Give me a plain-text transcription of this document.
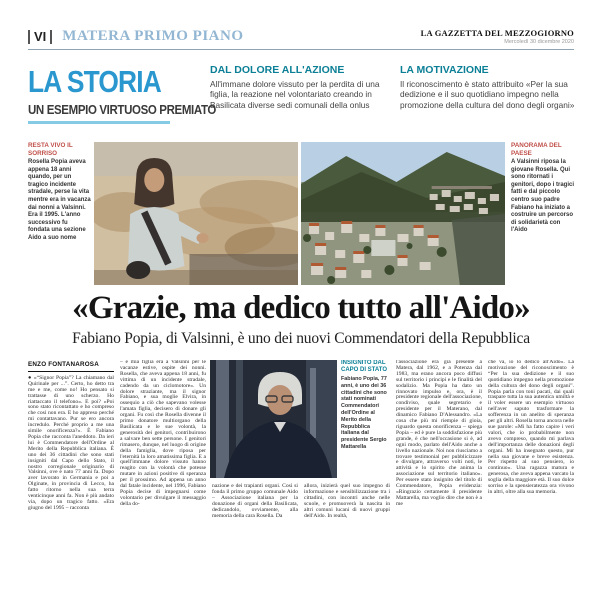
VI MATERA PRIMO PIANO	LA GAZZETTA DEL MEZZOGIORNO
Mercoledì 30 dicembre 2020
LA STORIA
UN ESEMPIO VIRTUOSO PREMIATO
DAL DOLORE ALL'AZIONE
All'immane dolore vissuto per la perdita di una figlia, la reazione nel volontariato creando in Basilicata diverse sedi comunali della onlus
LA MOTIVAZIONE
Il riconoscimento è stato attribuito «Per la sua dedizione e il suo quotidiano impegno nella promozione della cultura del dono degli organi»
RESTA VIVO IL SORRISO
Rosella Popia aveva appena 18 anni quando, per un tragico incidente stradale, perse la vita mentre era in vacanza dai nonni a Valsinni. Era il 1995. L'anno successivo fu fondata una sezione Aido a suo nome
PANORAMA DEL PAESE
A Valsinni riposa la giovane Rosella. Qui sono ritornati i genitori, dopo i tragici fatti e dal piccolo centro suo padre Fabiano ha iniziato a costruire un percorso di solidarietà con l'Aido
«Grazie, ma dedico tutto all'Aido»
Fabiano Popia, di Valsinni, è uno dei nuovi Commendatori della Repubblica
ENZO FONTANAROSA

● «“Signor Popia”? La chiamano dal Quirinale per ...”. Certo, ho detto tra me e me, come no! Ho pensato si trattasse di uno scherzo. Ho riattaccato il telefono». E poi? «Poi sono stato ricontattato e ho compreso che così non era. E ho appreso perché mi contattavano. Pur se ero ancora incredulo. Perché proprio a me una simile onorificenza?». È Fabiano Popia che racconta l'aneddoto. Da ieri lui è Commendatore dell'Ordine al Merito della Repubblica italiana. È uno dei 36 cittadini che sono stati insigniti dal Capo dello Stato, il nostro corregionale originario di Valsinni, ove è nato 77 anni fa. Dopo aver lavorato in Germania e poi a Olginate, in provincia di Lecco, ha fatto ritorno nella sua terra venticinque anni fa. Non è più andato via, dopo un tragico fatto. «Era giugno del 1995 – racconta

– e mia figlia era a Valsinni per le vacanze estive, ospite dei nonni. Rosella, che aveva appena 18 anni, fu vittima di un incidente stradale, cadendo da un ciclomotore». Un dolore straziante, ma il signor Fabiano, e sua moglie Elvira, in ossequio a ciò che sapevano volesse l'amata figlia, decisero di donare gli organi. Fu così che Rosella divenne il primo donatore multiorgano della Basilicata e le sue volontà, la generosità dei genitori, contribuirono a salvare ben sette persone. I genitori rimasero, dunque, nel luogo di origine della famiglia, dove riposa per l'eternità la loro amatissima figlia. E a quell'immane dolore vissuto hanno reagito con la volontà che potesse mutare in azioni positive di speranza per il prossimo. Ad appena un anno dal fatale incidente, nel 1996, Fabiano Popia decise di impegnarsi come volontario per divulgare il messaggio della do-

nazione e dei trapianti organi. Così si fonda il primo gruppo comunale Aido – Associazione italiana per la donazione di organi della Basilicata, dedicandolo, ovviamente, alla memoria della cara Rosella. Da

allora, inizierà quel suo impegno di informazione e sensibilizzazione tra i cittadini, con incontri anche nelle scuole, e promuoverà la nascita in altri comuni lucani di nuovi gruppi dell'Aido. In realtà,

l'associazione era già presente a Matera, dal 1962, e a Potenza dal 1983, ma erano ancora poco diffusi sul territorio i principi e le finalità del sodalizio. Ma Popia ha dato un rinnovato impulso e, ora, è il presidente regionale dell'associazione, condiviso, quale segretario e presidente per il Materano, dal dinamico Fabiano D'Alessandro. «La cosa che più mi riempie di gioia, riguardo questa onorificenza – spiega Popia – ed è pure la soddisfazione più grande, è che nell'occasione si è, ad ogni modo, parlato dell'Aido anche a livello nazionale. Noi non riusciamo a trovare testimonial per pubblicizzare e divulgare, attraverso volti noti, le attività e lo spirito che anima la associazione sul territorio italiano». Per essere stato insignito del titolo di Commendatore, Popia evidenzia: «Ringrazio certamente il presidente Mattarella, ma voglio dire che non è a me

che va, io lo dedico all'Aido». La motivazione del riconoscimento è “Per la sua dedizione e il suo quotidiano impegno nella promozione della cultura del dono degli organi”. Popia parla con toni pacati, dai quali traspare tutta la sua autentica umiltà e il voler essere un esempio virtuoso nell'aver saputo trasformare la sofferenza in un anelito di speranza per gli altri. Rosella torna ancora nelle sue parole: «Mi ha fatto capire i veri valori, che io probabilmente non avevo compreso, quando mi parlava dell'importanza delle donazioni degli organi. Mi ha insegnato questo, pur nella sua giovane e breve esistenza. Per rispetto al suo pensiero, io continuo». Una ragazza matura e generosa, che aveva appena varcato la soglia della maggiore età. Il suo dolce sorriso e la spensieratezza ora vivono in altri, oltre alla sua memoria.

INSIGNITO DAL CAPO DI STATO
Fabiano Popia, 77 anni, è uno dei 36 cittadini che sono stati nominati Commendatori dell'Ordine al Merito della Repubblica italiana dal presidente Sergio Mattarella
